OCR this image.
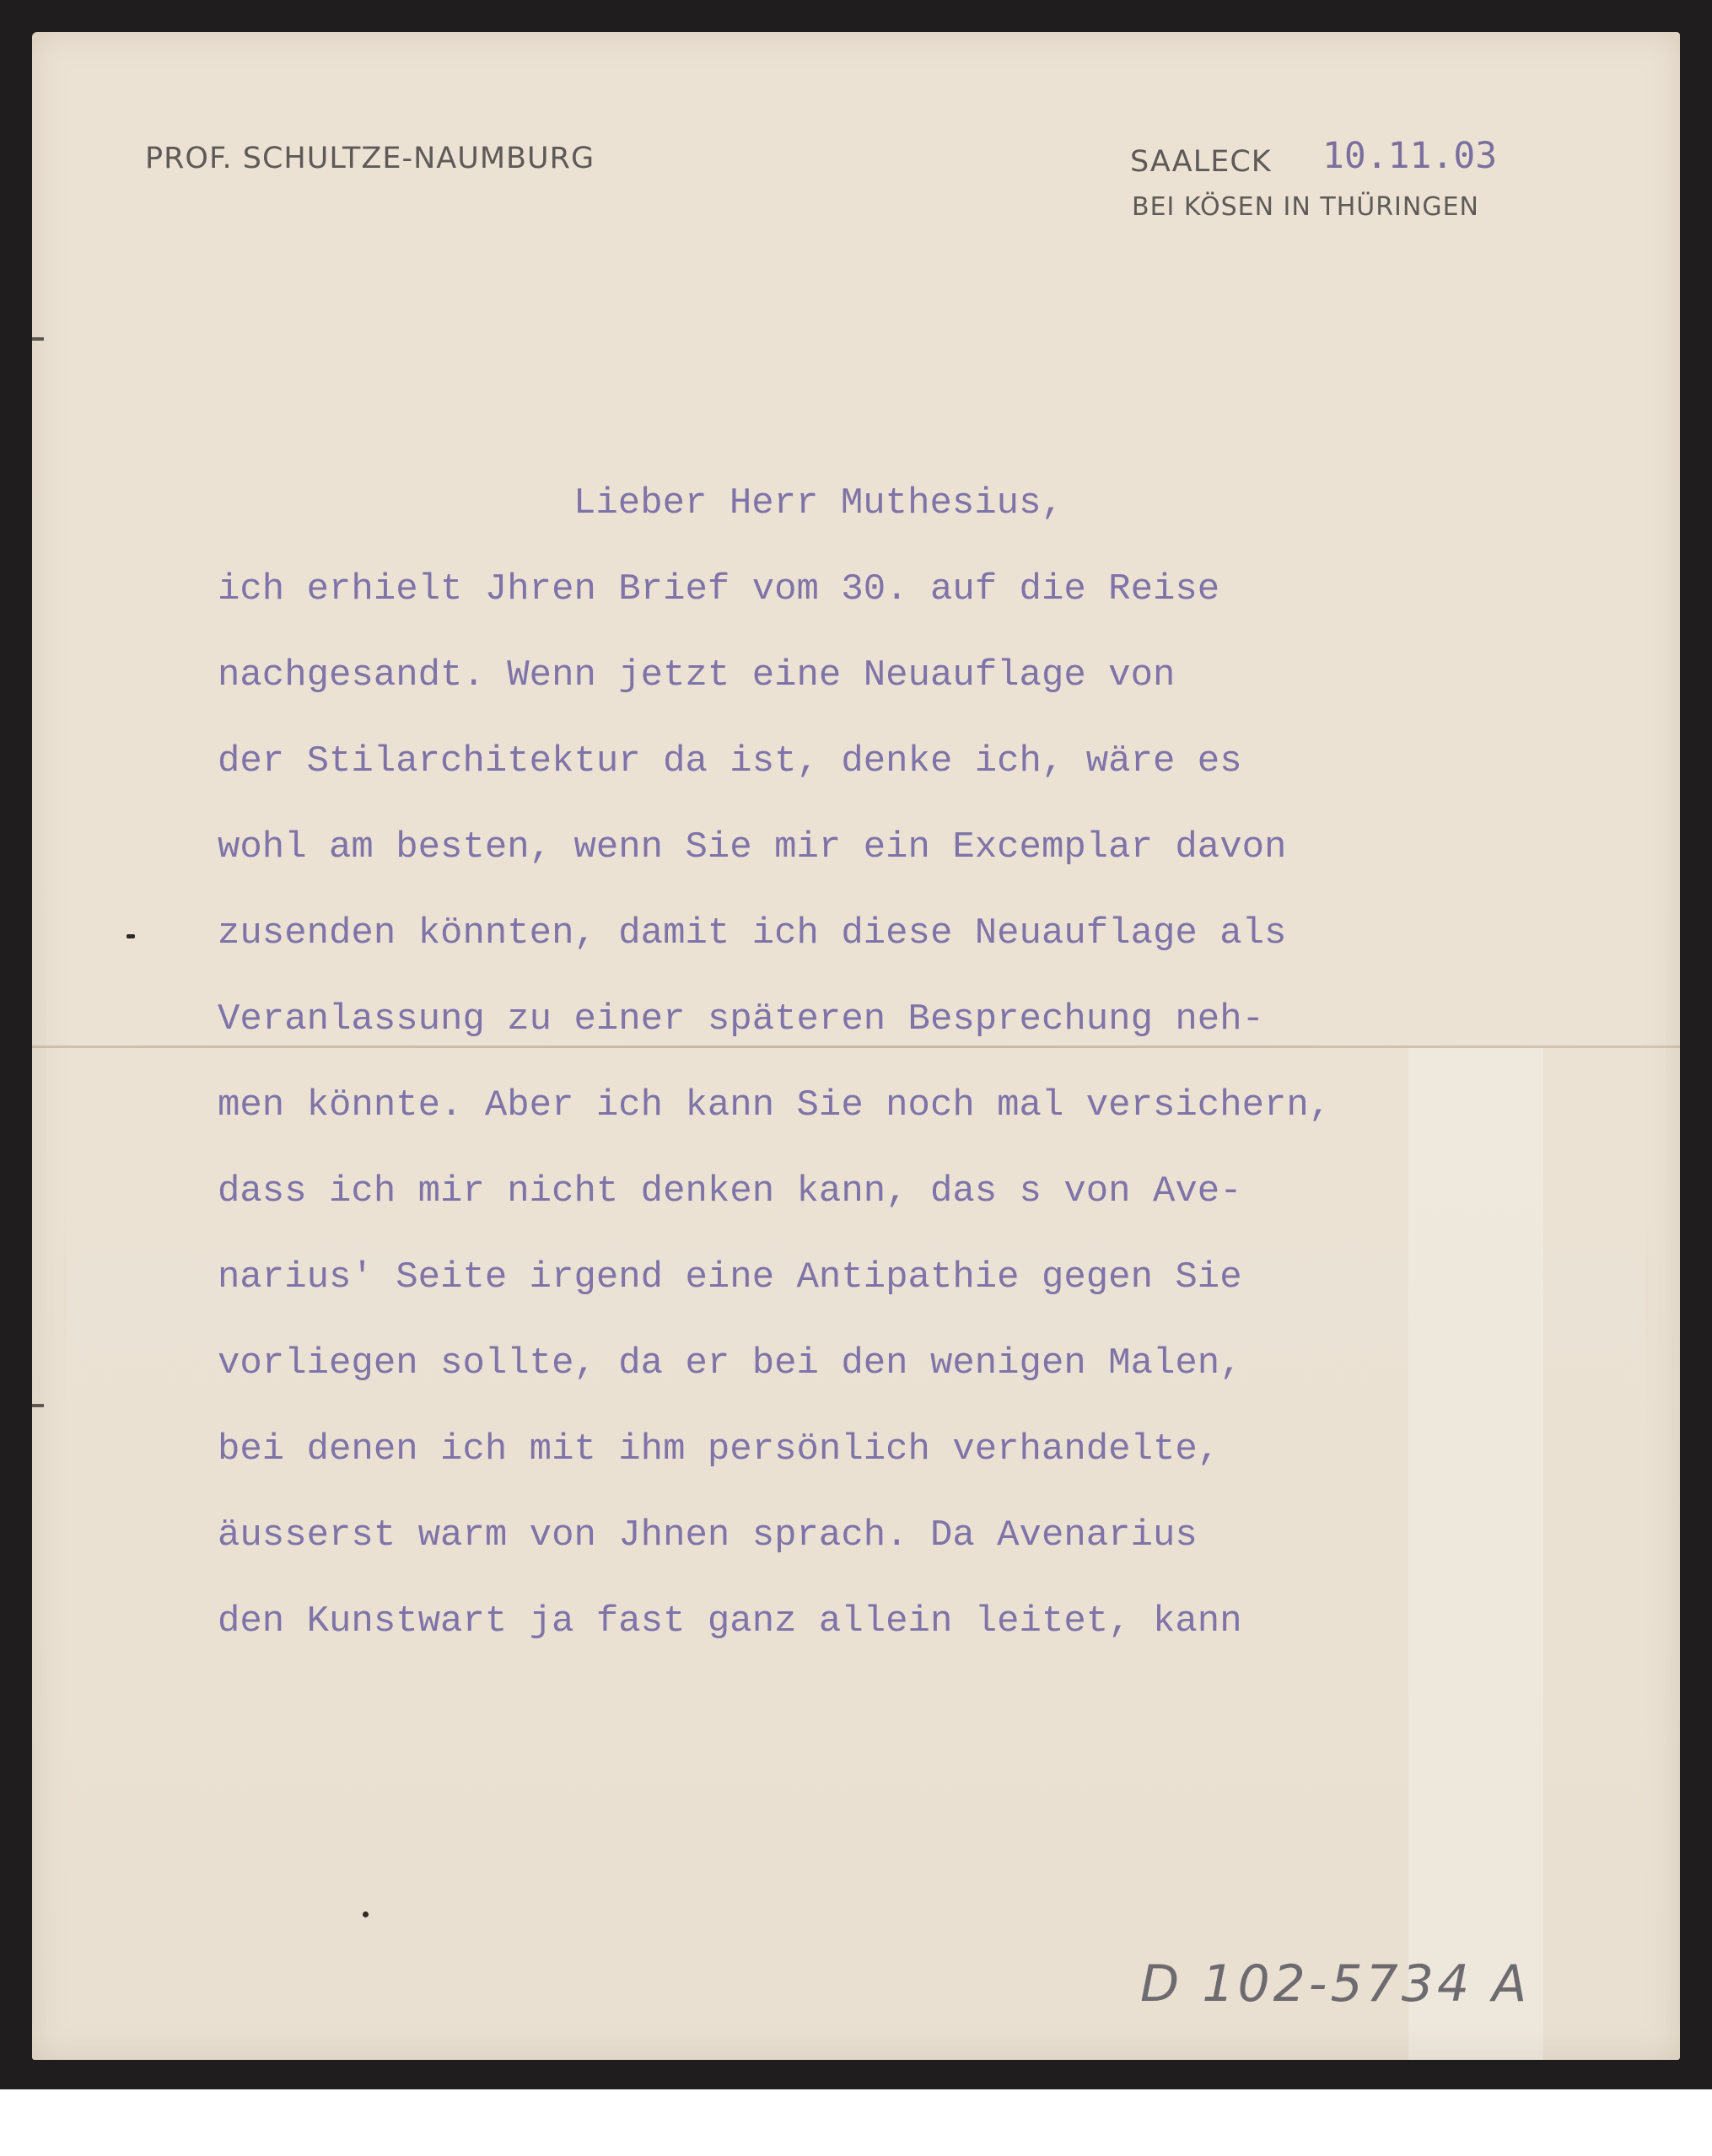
PROF. SCHULTZE-NAUMBURG	SAALECK 10.11.03
BEI KÖSEN IN THÜRINGEN
Lieber Herr Muthesius,
ich erhielt Jhren Brief vom 30. auf die Reise
nachgesandt. Wenn jetzt eine Neuauflage von
der Stilarchitektur da ist, denke ich, wäre es
wohl am besten, wenn Sie mir ein Excemplar davon
zusenden könnten, damit ich diese Neuauflage als
Veranlassung zu einer späteren Besprechung neh-
men könnte. Aber ich kann Sie noch mal versichern,
dass ich mir nicht denken kann, das s von Ave-
narius' Seite irgend eine Antipathie gegen Sie
vorliegen sollte, da er bei den wenigen Malen,
bei denen ich mit ihm persönlich verhandelte,
äusserst warm von Jhnen sprach. Da Avenarius
den Kunstwart ja fast ganz allein leitet, kann
D 102-5734 A
